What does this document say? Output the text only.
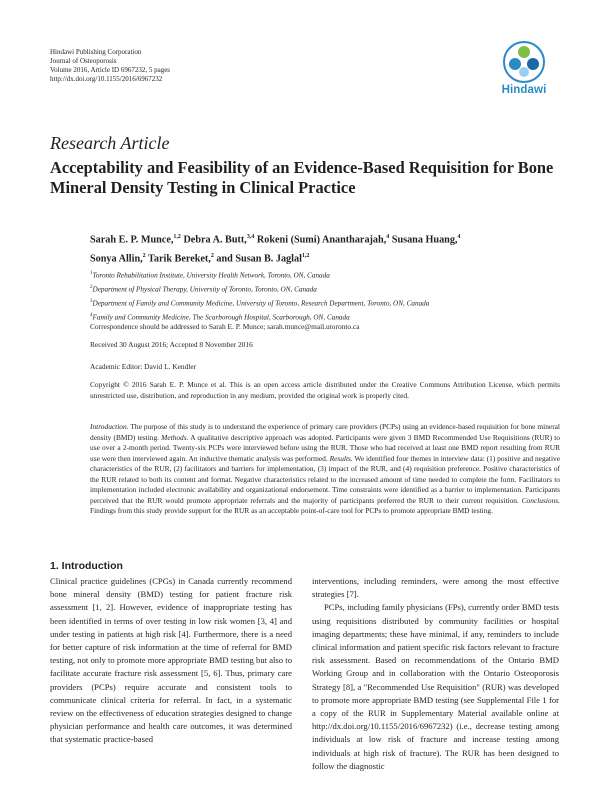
Hindawi Publishing Corporation
Journal of Osteoporosis
Volume 2016, Article ID 6967232, 5 pages
http://dx.doi.org/10.1155/2016/6967232
Hindawi
Research Article
Acceptability and Feasibility of an Evidence-Based Requisition for Bone Mineral Density Testing in Clinical Practice
Sarah E. P. Munce,$^{1,2}$ Debra A. Butt,$^{3,4}$ Rokeni (Sumi) Anantharajah,$^4$ Susana Huang,$^4$
Sonya Allin,$^2$ Tarik Bereket,$^2$ and Susan B. Jaglal$^{1,2}$
$^1$Toronto Rehabilitation Institute, University Health Network, Toronto, ON, Canada
$^2$Department of Physical Therapy, University of Toronto, Toronto, ON, Canada
$^3$Department of Family and Community Medicine, University of Toronto, Research Department, Toronto, ON, Canada
$^4$Family and Community Medicine, The Scarborough Hospital, Scarborough, ON, Canada
Correspondence should be addressed to Sarah E. P. Munce; sarah.munce@mail.utoronto.ca
Received 30 August 2016; Accepted 8 November 2016
Academic Editor: David L. Kendler
Copyright © 2016 Sarah E. P. Munce et al. This is an open access article distributed under the Creative Commons Attribution License, which permits unrestricted use, distribution, and reproduction in any medium, provided the original work is properly cited.
Introduction. The purpose of this study is to understand the experience of primary care providers (PCPs) using an evidence-based requisition for bone mineral density (BMD) testing. Methods. A qualitative descriptive approach was adopted. Participants were given 3 BMD Recommended Use Requisitions (RUR) to use over a 2-month period. Twenty-six PCPs were interviewed before using the RUR. Those who had received at least one BMD report resulting from RUR use were then interviewed again. An inductive thematic analysis was performed. Results. We identified four themes in interview data: (1) positive and negative characteristics of the RUR, (2) facilitators and barriers for implementation, (3) impact of the RUR, and (4) requisition preference. Positive characteristics of the RUR related to both its content and format. Negative characteristics related to the increased amount of time needed to complete the form. Facilitators to implementation included electronic availability and organizational endorsement. Time constraints were identified as a barrier to implementation. Participants perceived that the RUR would promote appropriate referrals and the majority of participants preferred the RUR to their current requisition. Conclusions. Findings from this study provide support for the RUR as an acceptable point-of-care tool for PCPs to promote appropriate BMD testing.
1. Introduction
Clinical practice guidelines (CPGs) in Canada currently recommend bone mineral density (BMD) testing for patient fracture risk assessment [1, 2]. However, evidence of inappropriate testing has been identified in terms of over testing in low risk women [3, 4] and under testing in patients at high risk [4]. Furthermore, there is a need for better capture of risk information at the time of referral for BMD testing, not only to promote more appropriate BMD testing but also to facilitate accurate fracture risk assessment [5, 6]. Thus, primary care providers (PCPs) require accurate and consistent tools to communicate clinical criteria for referral. In fact, in a systematic review on the effectiveness of education strategies designed to change physician performance and health care outcomes, it was determined that systematic practice-based

interventions, including reminders, were among the most effective strategies [7].

PCPs, including family physicians (FPs), currently order BMD tests using requisitions distributed by community facilities or hospital imaging departments; these have minimal, if any, reminders to include clinical information and patient specific risk factors relevant to fracture risk assessment. Based on recommendations of the Ontario BMD Working Group and in collaboration with the Ontario Osteoporosis Strategy [8], a "Recommended Use Requisition" (RUR) was developed to promote more appropriate BMD testing (see Supplemental File 1 for a copy of the RUR in Supplementary Material available online at http://dx.doi.org/10.1155/2016/6967232) (i.e., decrease testing among individuals at low risk of fracture and increase testing among individuals at high risk of fracture). The RUR has been designed to follow the diagnostic
